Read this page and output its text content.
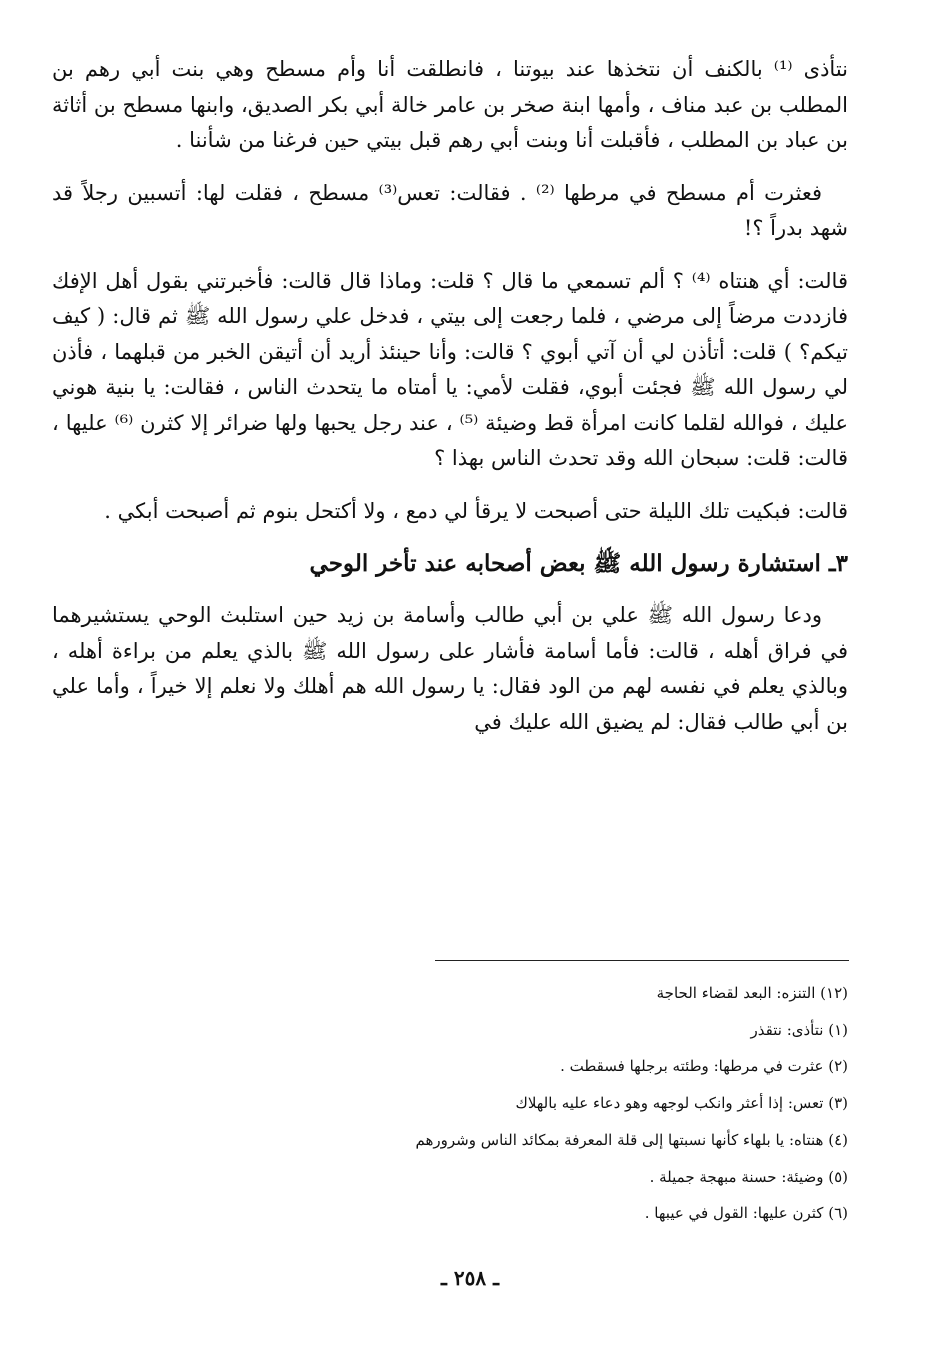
نتأذى ⁽¹⁾ بالكنف أن نتخذها عند بيوتنا ، فانطلقت أنا وأم مسطح وهي بنت أبي رهم بن المطلب بن عبد مناف ، وأمها ابنة صخر بن عامر خالة أبي بكر الصديق، وابنها مسطح بن أثاثة بن عباد بن المطلب ، فأقبلت أنا وبنت أبي رهم قبل بيتي حين فرغنا من شأننا .

فعثرت أم مسطح في مرطها ⁽²⁾ . فقالت: تعس⁽³⁾ مسطح ، فقلت لها: أتسبين رجلاً قد شهد بدراً ؟!

قالت: أي هنتاه ⁽⁴⁾ ؟ ألم تسمعي ما قال ؟ قلت: وماذا قال قالت: فأخبرتني بقول أهل الإفك فازددت مرضاً إلى مرضي ، فلما رجعت إلى بيتي ، فدخل علي رسول الله ﷺ ثم قال: ( كيف تيكم؟ ) قلت: أتأذن لي أن آتي أبوي ؟ قالت: وأنا حينئذ أريد أن أتيقن الخبر من قبلهما ، فأذن لي رسول الله ﷺ فجئت أبوي، فقلت لأمي: يا أمتاه ما يتحدث الناس ، فقالت: يا بنية هوني عليك ، فوالله لقلما كانت امرأة قط وضيئة ⁽⁵⁾ ، عند رجل يحبها ولها ضرائر إلا كثرن ⁽⁶⁾ عليها ، قالت: قلت: سبحان الله وقد تحدث الناس بهذا ؟

قالت: فبكيت تلك الليلة حتى أصبحت لا يرقأ لي دمع ، ولا أكتحل بنوم ثم أصبحت أبكي .

٣ـ استشارة رسول الله ﷺ بعض أصحابه عند تأخر الوحي

ودعا رسول الله ﷺ علي بن أبي طالب وأسامة بن زيد حين استلبث الوحي يستشيرهما في فراق أهله ، قالت: فأما أسامة فأشار على رسول الله ﷺ بالذي يعلم من براءة أهله ، وبالذي يعلم في نفسه لهم من الود فقال: يا رسول الله هم أهلك ولا نعلم إلا خيراً ، وأما علي بن أبي طالب فقال: لم يضيق الله عليك في

(١٢) التنزه: البعد لقضاء الحاجة

(١) نتأذى: نتقذر

(٢) عثرت في مرطها: وطئته برجلها فسقطت .

(٣) تعس: إذا أعثر وانكب لوجهه وهو دعاء عليه بالهلاك

(٤) هنتاه: يا بلهاء كأنها نسبتها إلى قلة المعرفة بمكائد الناس وشرورهم

(٥) وضيئة: حسنة مبهجة جميلة .

(٦) كثرن عليها: القول في عيبها .

ـ ٢٥٨ ـ
